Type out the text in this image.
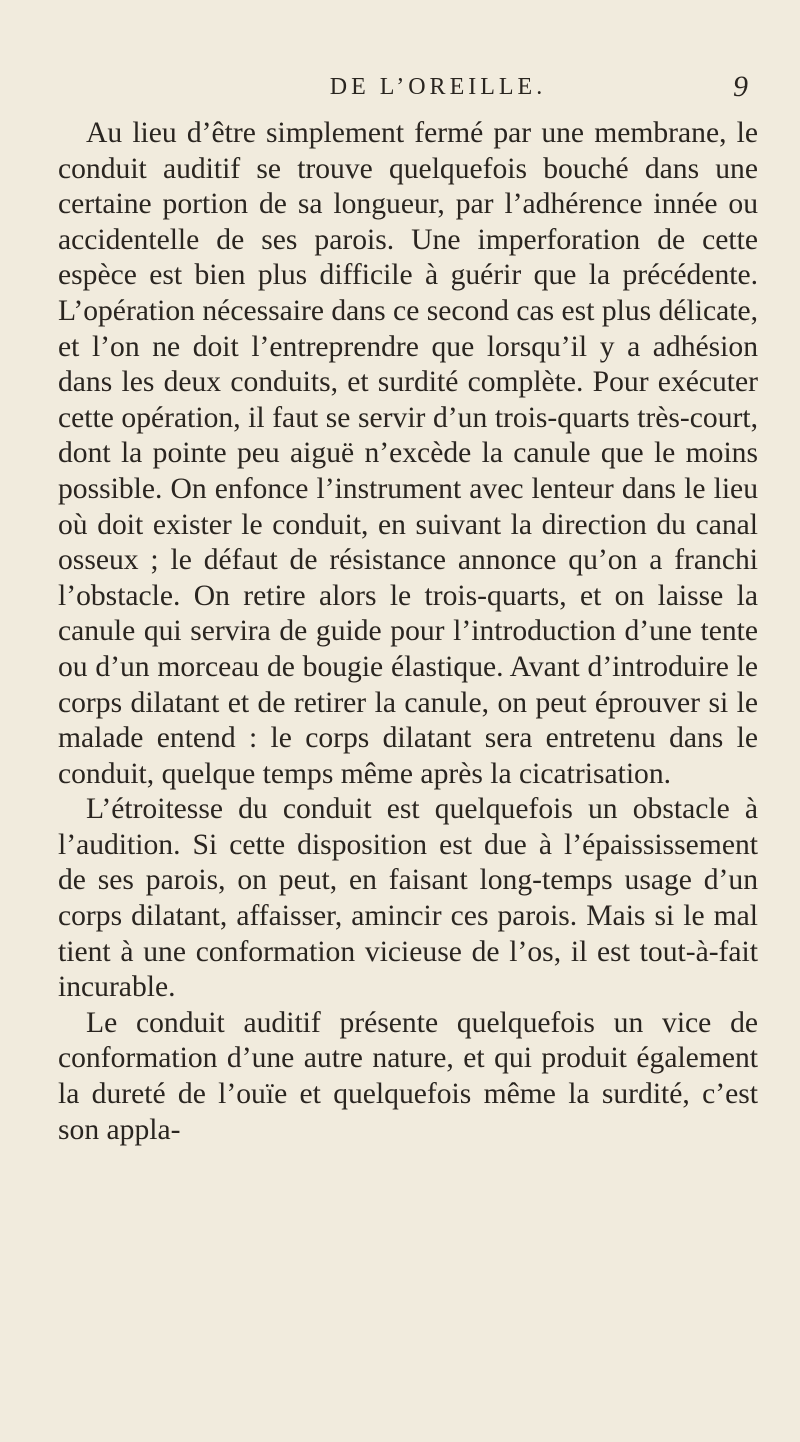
DE L’OREILLE.	9

Au lieu d’être simplement fermé par une membrane, le conduit auditif se trouve quelquefois bouché dans une certaine portion de sa longueur, par l’adhérence innée ou accidentelle de ses parois. Une imperforation de cette espèce est bien plus difficile à guérir que la précédente. L’opération nécessaire dans ce second cas est plus délicate, et l’on ne doit l’entreprendre que lorsqu’il y a adhésion dans les deux conduits, et surdité complète. Pour exécuter cette opération, il faut se servir d’un trois-quarts très-court, dont la pointe peu aiguë n’excède la canule que le moins possible. On enfonce l’instrument avec lenteur dans le lieu où doit exister le conduit, en suivant la direction du canal osseux ; le défaut de résistance annonce qu’on a franchi l’obstacle. On retire alors le trois-quarts, et on laisse la canule qui servira de guide pour l’introduction d’une tente ou d’un morceau de bougie élastique. Avant d’introduire le corps dilatant et de retirer la canule, on peut éprouver si le malade entend : le corps dilatant sera entretenu dans le conduit, quelque temps même après la cicatrisation.

L’étroitesse du conduit est quelquefois un obstacle à l’audition. Si cette disposition est due à l’épaississement de ses parois, on peut, en faisant long-temps usage d’un corps dilatant, affaisser, amincir ces parois. Mais si le mal tient à une conformation vicieuse de l’os, il est tout-à-fait incurable.

Le conduit auditif présente quelquefois un vice de conformation d’une autre nature, et qui produit également la dureté de l’ouïe et quelquefois même la surdité, c’est son appla-
